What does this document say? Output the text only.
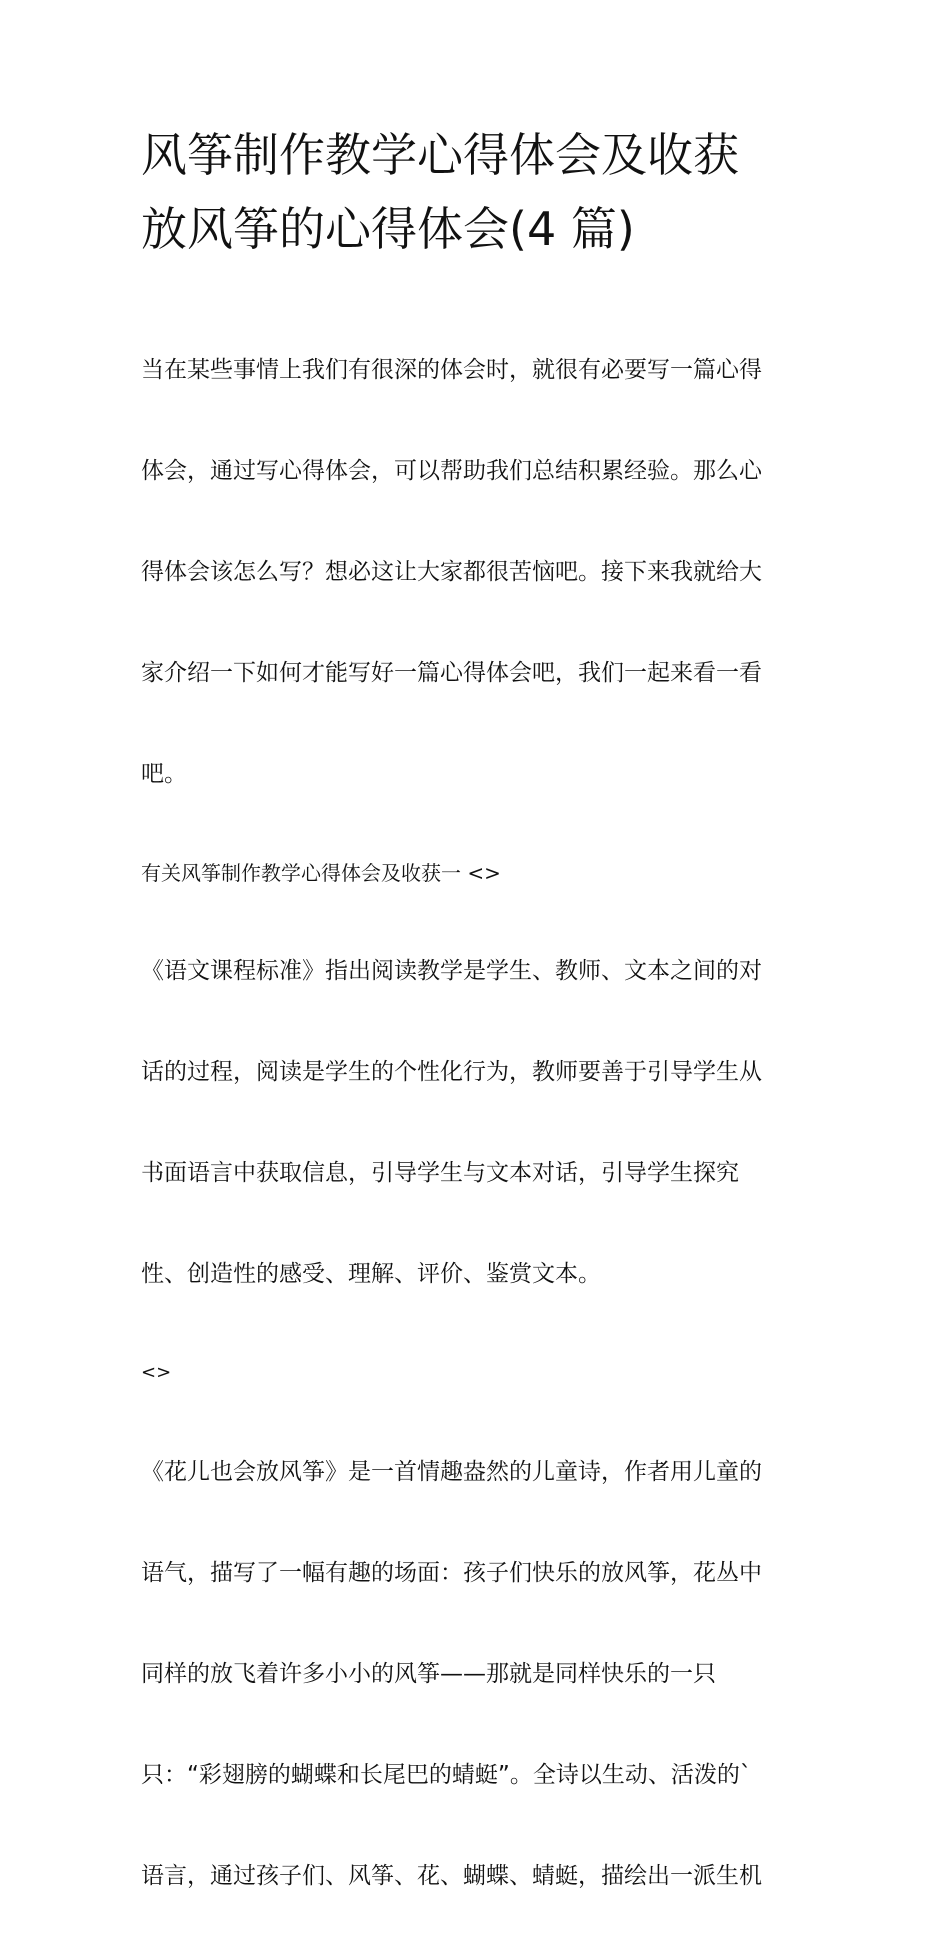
风筝制作教学心得体会及收获
放风筝的心得体会(4 篇)

当在某些事情上我们有很深的体会时，就很有必要写一篇心得

体会，通过写心得体会，可以帮助我们总结积累经验。那么心

得体会该怎么写？想必这让大家都很苦恼吧。接下来我就给大

家介绍一下如何才能写好一篇心得体会吧，我们一起来看一看

吧。

有关风筝制作教学心得体会及收获一 <>

《语文课程标准》指出阅读教学是学生、教师、文本之间的对

话的过程，阅读是学生的个性化行为，教师要善于引导学生从

书面语言中获取信息，引导学生与文本对话，引导学生探究

性、创造性的感受、理解、评价、鉴赏文本。

<>

《花儿也会放风筝》是一首情趣盎然的儿童诗，作者用儿童的

语气，描写了一幅有趣的场面：孩子们快乐的放风筝，花丛中

同样的放飞着许多小小的风筝——那就是同样快乐的一只

只：“彩翅膀的蝴蝶和长尾巴的蜻蜓”。全诗以生动、活泼的`

语言，通过孩子们、风筝、花、蝴蝶、蜻蜓，描绘出一派生机
